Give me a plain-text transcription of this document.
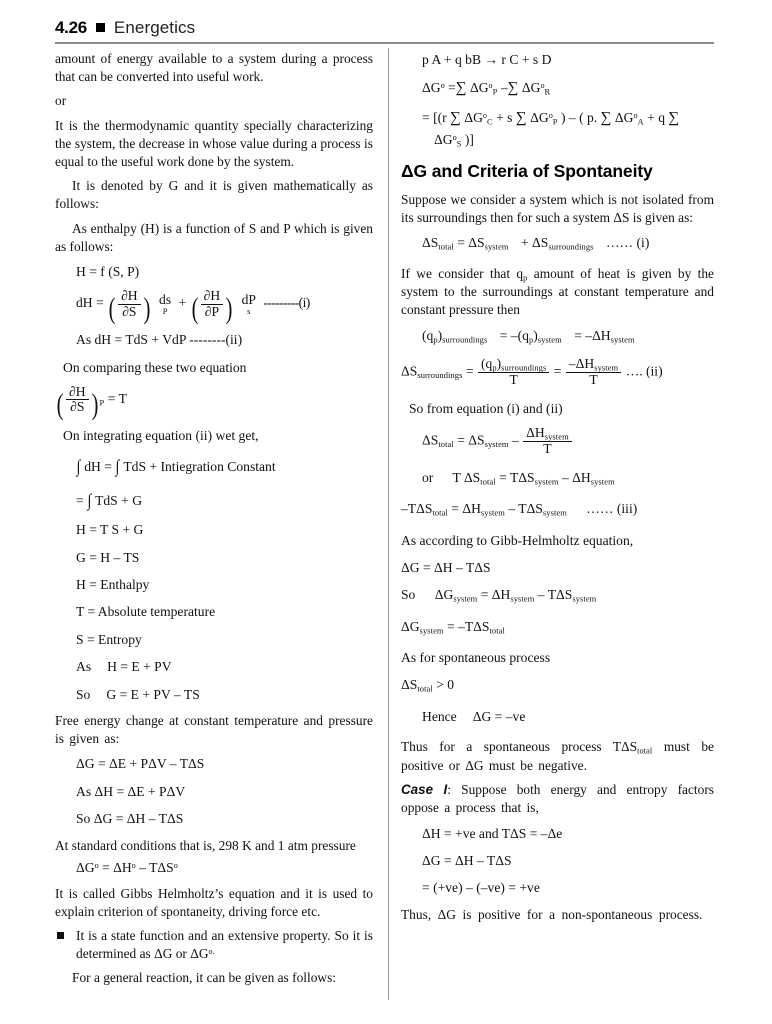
4.26 Energetics

amount of energy available to a system during a process that can be converted into useful work.

or

It is the thermodynamic quantity specially characterizing the system, the decrease in whose value during a process is equal to the useful work done by the system.

It is denoted by G and it is given mathematically as follows:

As enthalpy (H) is a function of S and P which is given as follows:

H = f (S, P)
dH = ( $\frac{\partial H}{\partial S}$ ) ds
P
+ ( $\frac{\partial H}{\partial P}$ ) dP
s
---------(i)
As dH = TdS + VdP --------(ii)

On comparing these two equation

( $\frac{\partial H}{\partial S}$ ) $_P$ = T

On integrating equation (ii) wet get,

∫ dH = ∫ TdS + Intiegration Constant
= ∫ TdS + G
H = T S + G
G = H – TS
H = Enthalpy
T = Absolute temperature
S = Entropy
As H = E + PV
So G = E + PV – TS

Free energy change at constant temperature and pressure is given as:

ΔG = ΔE + PΔV – TΔS
As ΔH = ΔE + PΔV
So ΔG = ΔH – TΔS

At standard conditions that is, 298 K and 1 atm pressure

$\Delta G^o = \Delta H^o - T\Delta S^o$

It is called Gibbs Helmholtz’s equation and it is used to explain criterion of spontaneity, driving force etc.

It is a state function and an extensive property. So it is determined as ΔG or $\Delta G^{o.}$

For a general reaction, it can be given as follows:

p A + q bB → r C + s D
$\Delta G^o$ =∑ $\Delta G^o_P$ –∑ $\Delta G^o_R$
= [(r ∑ $\Delta G^o_C + s$ ∑ $\Delta G^o_P$ ) – ( p. ∑ $\Delta G^o_A + q$ ∑
$\Delta G^o_S$ )]
ΔG and Criteria of Spontaneity

Suppose we consider a system which is not isolated from its surroundings then for such a system ΔS is given as:

$\Delta S_{total} = \Delta S_{system} + \Delta S_{surroundings}$ …… (i)

If we consider that $q_p$ amount of heat is given by the system to the surroundings at constant temperature and constant pressure then

$(q_p)_{surroundings} = -(q_p)_{system} = -\Delta H_{system}$
$\Delta S_{surroundings} = \frac{(q_p)_{surroundings}}{T} = \frac{-\Delta H_{system}}{T}$ …. (ii)

So from equation (i) and (ii)

$\Delta S_{total} = \Delta S_{system} - \frac{\Delta H_{system}}{T}$
or T $\Delta S_{total} = T\Delta S_{system} - \Delta H_{system}$
$-T\Delta S_{total} = \Delta H_{system} - T\Delta S_{system}$ …… (iii)

As according to Gibb-Helmholtz equation,

ΔG = ΔH – TΔS
So $\Delta G_{system} = \Delta H_{system} - T\Delta S_{system}$
$\Delta G_{system} = -T\Delta S_{total}$

As for spontaneous process

$\Delta S_{total} > 0$
Hence ΔG = –ve

Thus for a spontaneous process $T\Delta S_{total}$ must be positive or ΔG must be negative.

Case I: Suppose both energy and entropy factors oppose a process that is,

ΔH = +ve and TΔS = –Δe
ΔG = ΔH – TΔS
= (+ve) – (–ve) = +ve

Thus, ΔG is positive for a non-spontaneous process.
